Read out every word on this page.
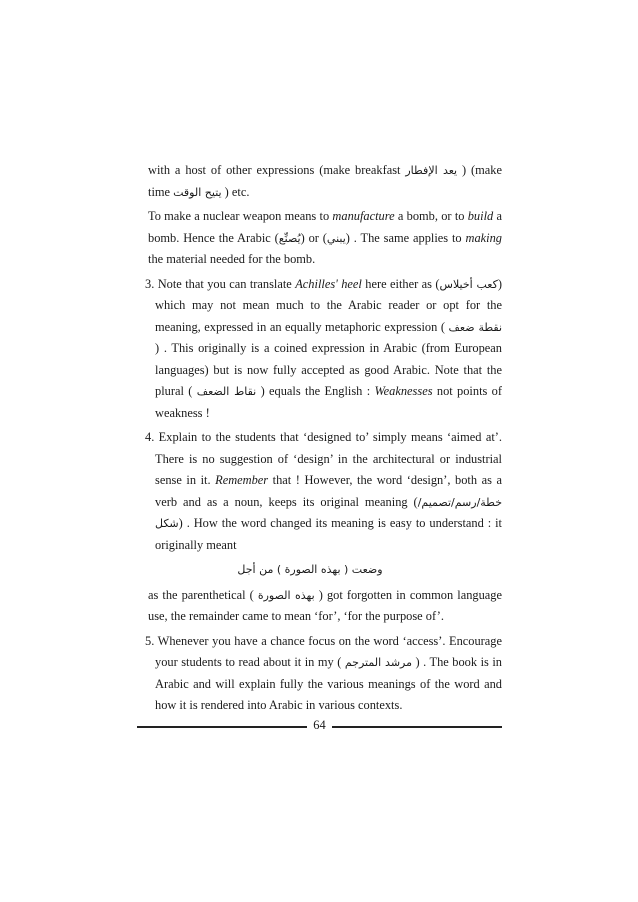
with a host of other expressions (make breakfast يعد الإفطار ) (make time يتيح الوقت ) etc.

To make a nuclear weapon means to manufacture a bomb, or to build a bomb. Hence the Arabic (يُصنِّع) or (يبني) . The same applies to making the material needed for the bomb.

3. Note that you can translate Achilles' heel here either as (كعب أخيلاس) which may not mean much to the Arabic reader or opt for the meaning, expressed in an equally metaphoric expression ( نقطة ضعف ) . This originally is a coined expression in Arabic (from European languages) but is now fully accepted as good Arabic. Note that the plural ( نقاط الضعف ) equals the English : Weaknesses not points of weakness !

4. Explain to the students that ‘designed to’ simply means ‘aimed at’. There is no suggestion of ‘design’ in the architectural or industrial sense in it. Remember that ! However, the word ‘design’, both as a verb and as a noun, keeps its original meaning (خطة/رسم/تصميم/شكل) . How the word changed its meaning is easy to understand : it originally meant

وضعت ( بهذه الصورة ) من أجل

as the parenthetical ( بهذه الصورة ) got forgotten in common language use, the remainder came to mean ‘for’, ‘for the purpose of’.

5. Whenever you have a chance focus on the word ‘access’. Encourage your students to read about it in my ( مرشد المترجم ) . The book is in Arabic and will explain fully the various meanings of the word and how it is rendered into Arabic in various contexts.

64
